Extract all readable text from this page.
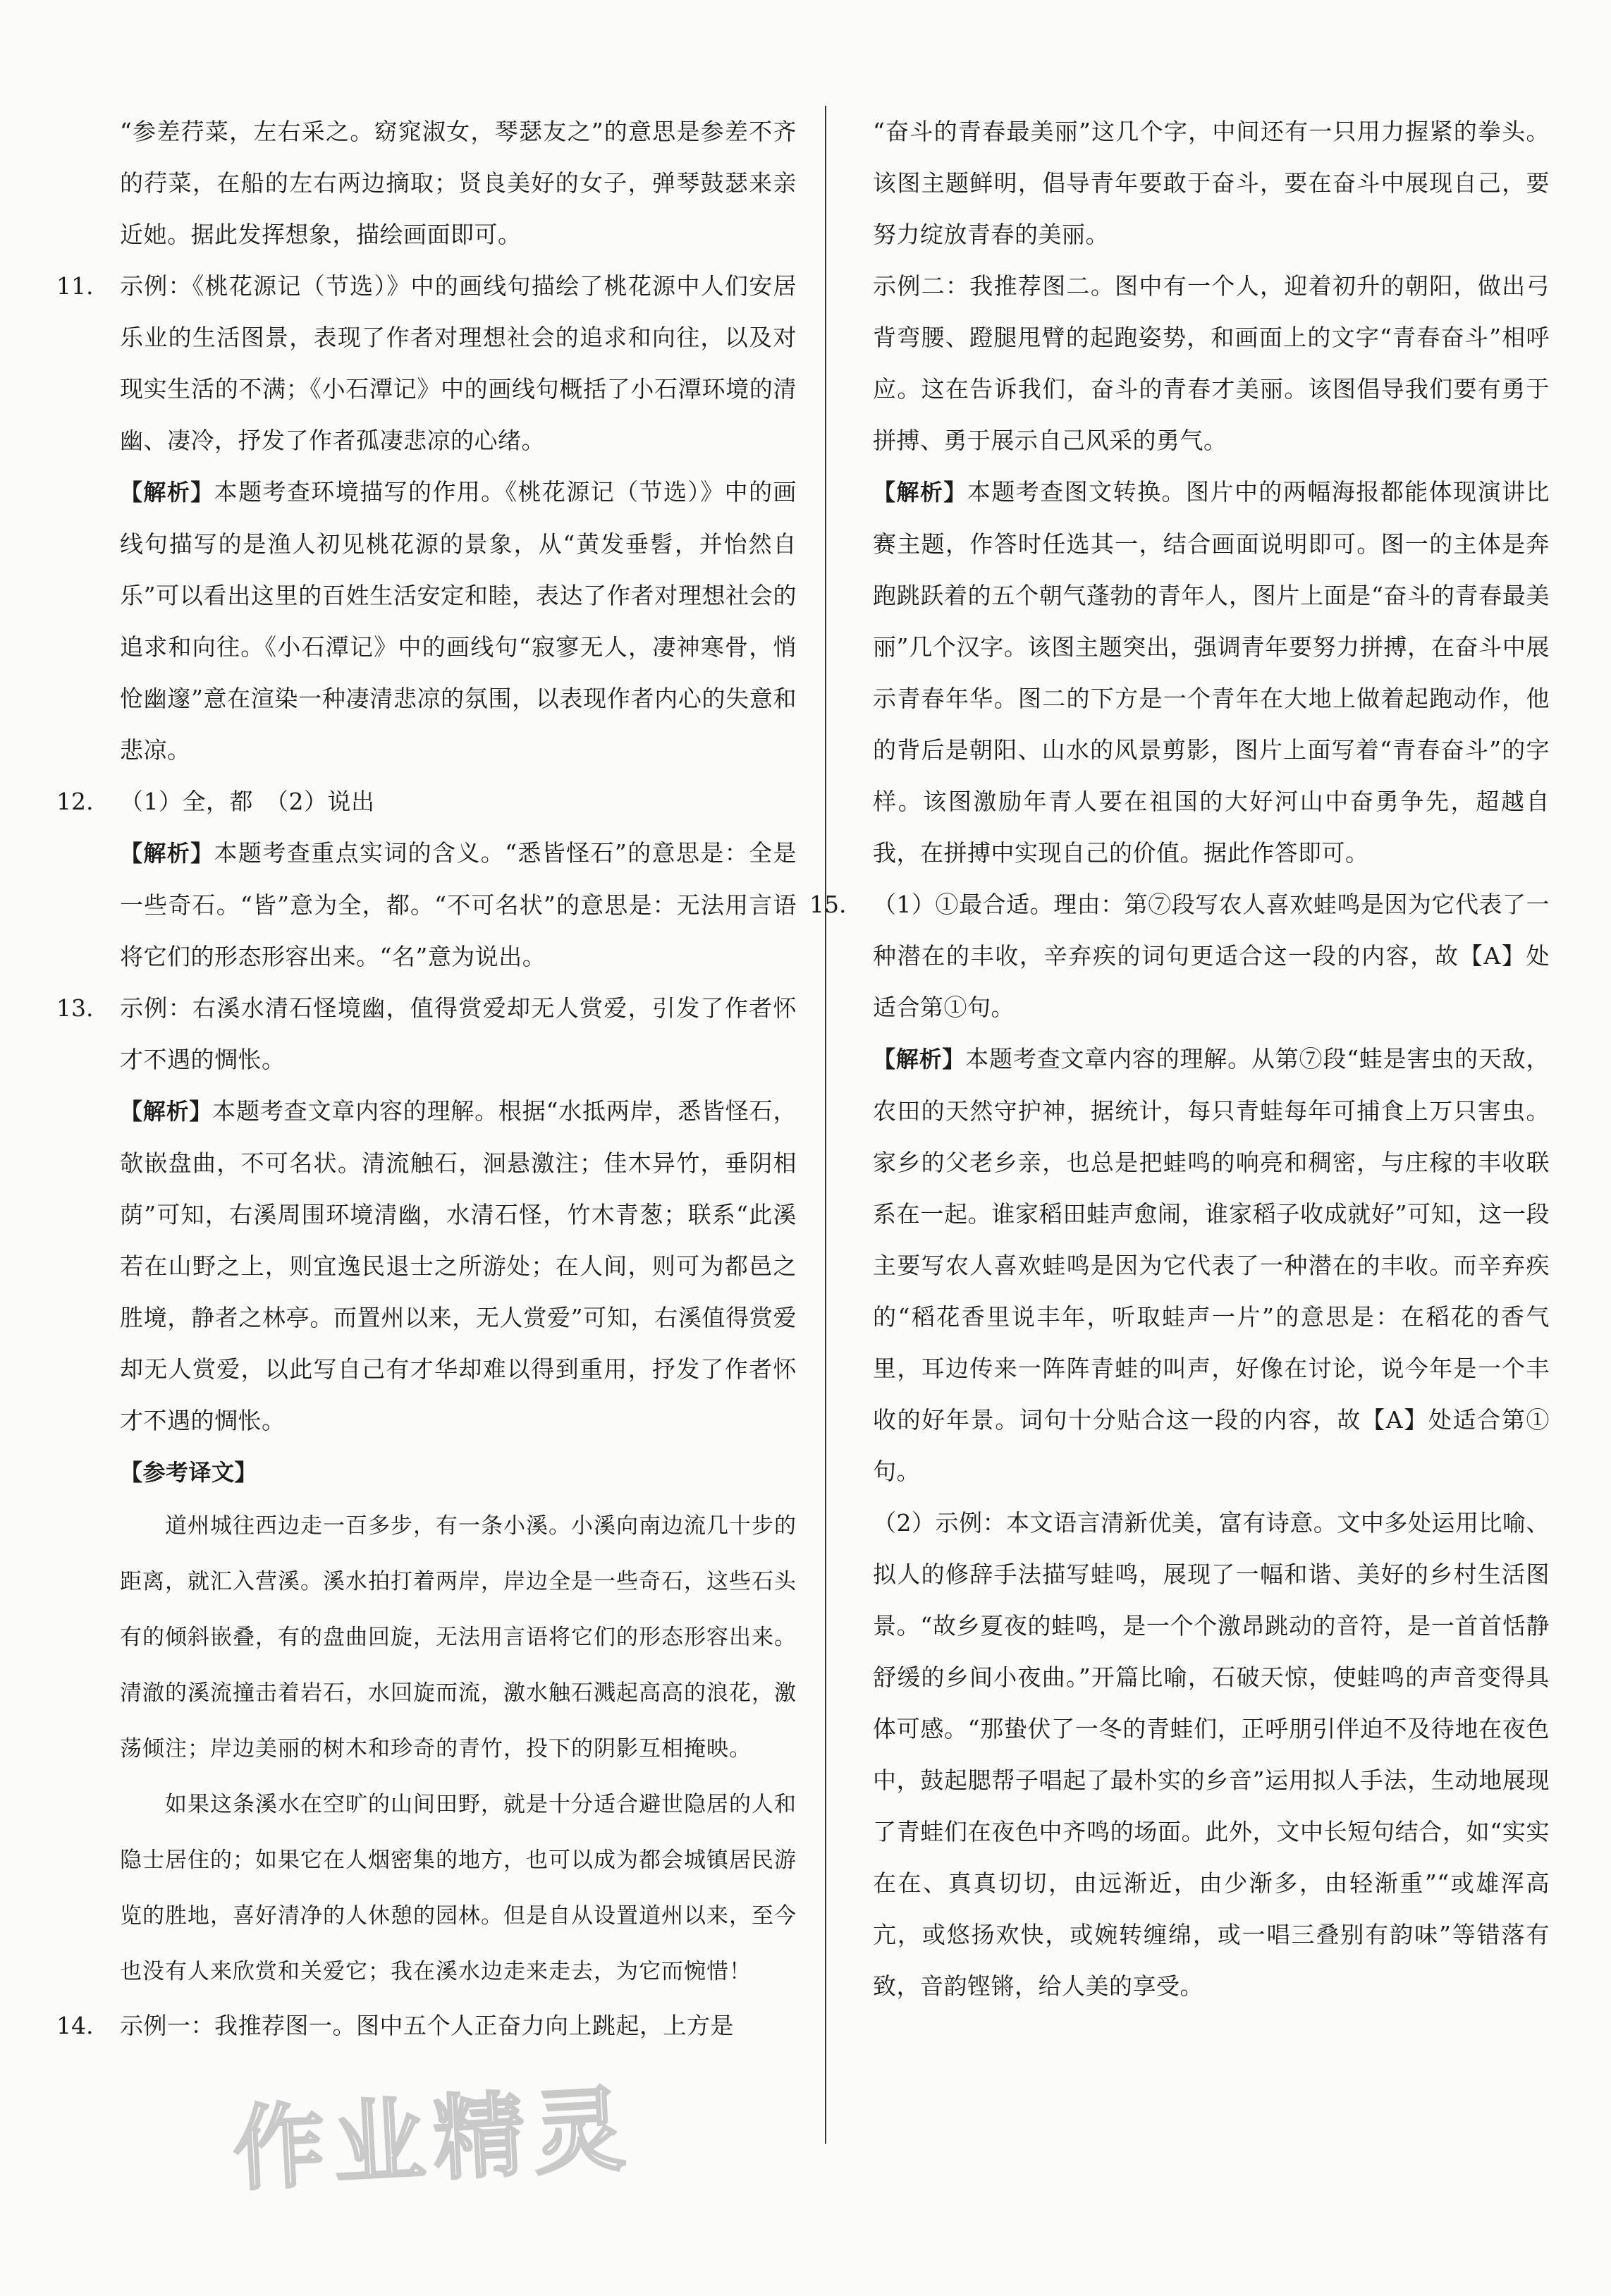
“参差荇菜，左右采之。窈窕淑女，琴瑟友之”的意思是参差不齐的荇菜，在船的左右两边摘取；贤良美好的女子，弹琴鼓瑟来亲近她。据此发挥想象，描绘画面即可。

11. 示例：《桃花源记（节选）》中的画线句描绘了桃花源中人们安居乐业的生活图景，表现了作者对理想社会的追求和向往，以及对现实生活的不满；《小石潭记》中的画线句概括了小石潭环境的清幽、凄冷，抒发了作者孤凄悲凉的心绪。

【解析】本题考查环境描写的作用。《桃花源记（节选）》中的画线句描写的是渔人初见桃花源的景象，从“黄发垂髫，并怡然自乐”可以看出这里的百姓生活安定和睦，表达了作者对理想社会的追求和向往。《小石潭记》中的画线句“寂寥无人，凄神寒骨，悄怆幽邃”意在渲染一种凄清悲凉的氛围，以表现作者内心的失意和悲凉。

12. （1）全，都　（2）说出

【解析】本题考查重点实词的含义。“悉皆怪石”的意思是：全是一些奇石。“皆”意为全，都。“不可名状”的意思是：无法用言语将它们的形态形容出来。“名”意为说出。

13. 示例：右溪水清石怪境幽，值得赏爱却无人赏爱，引发了作者怀才不遇的惆怅。

【解析】本题考查文章内容的理解。根据“水抵两岸，悉皆怪石，欹嵌盘曲，不可名状。清流触石，洄悬激注；佳木异竹，垂阴相荫”可知，右溪周围环境清幽，水清石怪，竹木青葱；联系“此溪若在山野之上，则宜逸民退士之所游处；在人间，则可为都邑之胜境，静者之林亭。而置州以来，无人赏爱”可知，右溪值得赏爱却无人赏爱，以此写自己有才华却难以得到重用，抒发了作者怀才不遇的惆怅。

【参考译文】

道州城往西边走一百多步，有一条小溪。小溪向南边流几十步的距离，就汇入营溪。溪水拍打着两岸，岸边全是一些奇石，这些石头有的倾斜嵌叠，有的盘曲回旋，无法用言语将它们的形态形容出来。清澈的溪流撞击着岩石，水回旋而流，激水触石溅起高高的浪花，激荡倾注；岸边美丽的树木和珍奇的青竹，投下的阴影互相掩映。

如果这条溪水在空旷的山间田野，就是十分适合避世隐居的人和隐士居住的；如果它在人烟密集的地方，也可以成为都会城镇居民游览的胜地，喜好清净的人休憩的园林。但是自从设置道州以来，至今也没有人来欣赏和关爱它；我在溪水边走来走去，为它而惋惜！

14. 示例一：我推荐图一。图中五个人正奋力向上跳起，上方是

“奋斗的青春最美丽”这几个字，中间还有一只用力握紧的拳头。该图主题鲜明，倡导青年要敢于奋斗，要在奋斗中展现自己，要努力绽放青春的美丽。

示例二：我推荐图二。图中有一个人，迎着初升的朝阳，做出弓背弯腰、蹬腿甩臂的起跑姿势，和画面上的文字“青春奋斗”相呼应。这在告诉我们，奋斗的青春才美丽。该图倡导我们要有勇于拼搏、勇于展示自己风采的勇气。

【解析】本题考查图文转换。图片中的两幅海报都能体现演讲比赛主题，作答时任选其一，结合画面说明即可。图一的主体是奔跑跳跃着的五个朝气蓬勃的青年人，图片上面是“奋斗的青春最美丽”几个汉字。该图主题突出，强调青年要努力拼搏，在奋斗中展示青春年华。图二的下方是一个青年在大地上做着起跑动作，他的背后是朝阳、山水的风景剪影，图片上面写着“青春奋斗”的字样。该图激励年青人要在祖国的大好河山中奋勇争先，超越自我，在拼搏中实现自己的价值。据此作答即可。

15. （1）①最合适。理由：第⑦段写农人喜欢蛙鸣是因为它代表了一种潜在的丰收，辛弃疾的词句更适合这一段的内容，故【A】处适合第①句。

【解析】本题考查文章内容的理解。从第⑦段“蛙是害虫的天敌，农田的天然守护神，据统计，每只青蛙每年可捕食上万只害虫。家乡的父老乡亲，也总是把蛙鸣的响亮和稠密，与庄稼的丰收联系在一起。谁家稻田蛙声愈闹，谁家稻子收成就好”可知，这一段主要写农人喜欢蛙鸣是因为它代表了一种潜在的丰收。而辛弃疾的“稻花香里说丰年，听取蛙声一片”的意思是：在稻花的香气里，耳边传来一阵阵青蛙的叫声，好像在讨论，说今年是一个丰收的好年景。词句十分贴合这一段的内容，故【A】处适合第①句。

（2）示例：本文语言清新优美，富有诗意。文中多处运用比喻、拟人的修辞手法描写蛙鸣，展现了一幅和谐、美好的乡村生活图景。“故乡夏夜的蛙鸣，是一个个激昂跳动的音符，是一首首恬静舒缓的乡间小夜曲。”开篇比喻，石破天惊，使蛙鸣的声音变得具体可感。“那蛰伏了一冬的青蛙们，正呼朋引伴迫不及待地在夜色中，鼓起腮帮子唱起了最朴实的乡音”运用拟人手法，生动地展现了青蛙们在夜色中齐鸣的场面。此外，文中长短句结合，如“实实在在、真真切切，由远渐近，由少渐多，由轻渐重”“或雄浑高亢，或悠扬欢快，或婉转缠绵，或一唱三叠别有韵味”等错落有致，音韵铿锵，给人美的享受。

作业精灵
